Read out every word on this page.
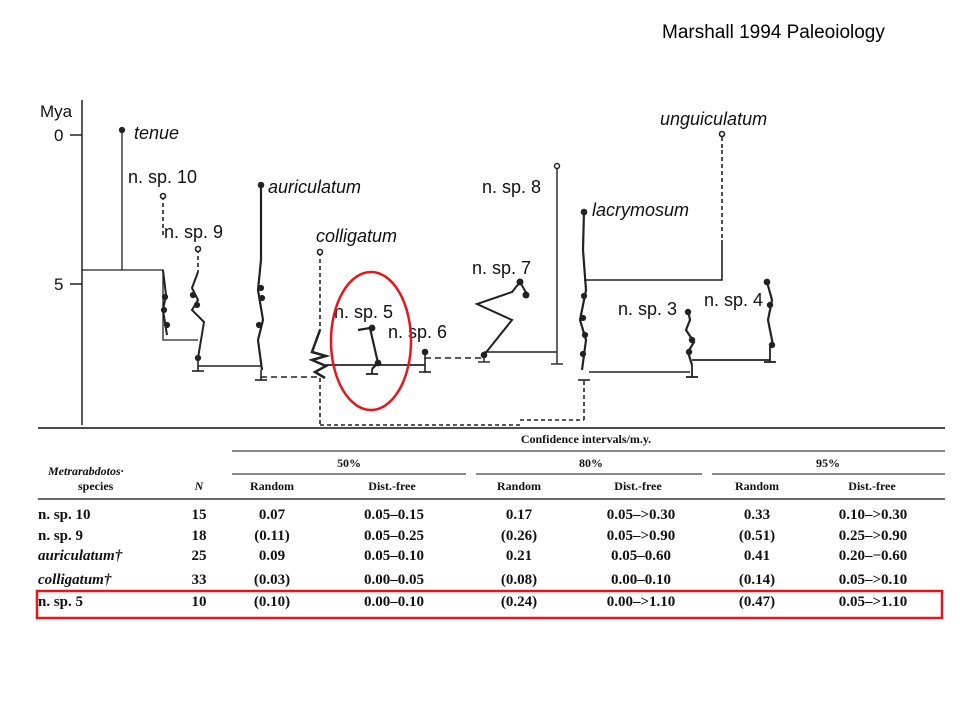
Marshall 1994 Paleoiology
Mya
0
5
tenue
n. sp. 10
n. sp. 9
auriculatum
colligatum
n. sp. 5
n. sp. 6
n. sp. 7
n. sp. 8
lacrymosum
unguiculatum
n. sp. 3 n. sp. 4
Confidence intervals/m.y.
50%	80%	95%
Metrarabdotos·
species	N	Random	Dist.-free	Random	Dist.-free	Random	Dist.-free
n. sp. 10	15	0.07	0.05–0.15	0.17	0.05–>0.30	0.33	0.10–>0.30
n. sp. 9	18	(0.11)	0.05–0.25	(0.26)	0.05–>0.90	(0.51)	0.25–>0.90
auriculatum†	25	0.09	0.05–0.10	0.21	0.05–0.60	0.41	0.20–−0.60
colligatum†	33	(0.03)	0.00–0.05	(0.08)	0.00–0.10	(0.14)	0.05–>0.10
n. sp. 5	10	(0.10)	0.00–0.10	(0.24)	0.00–>1.10	(0.47)	0.05–>1.10
